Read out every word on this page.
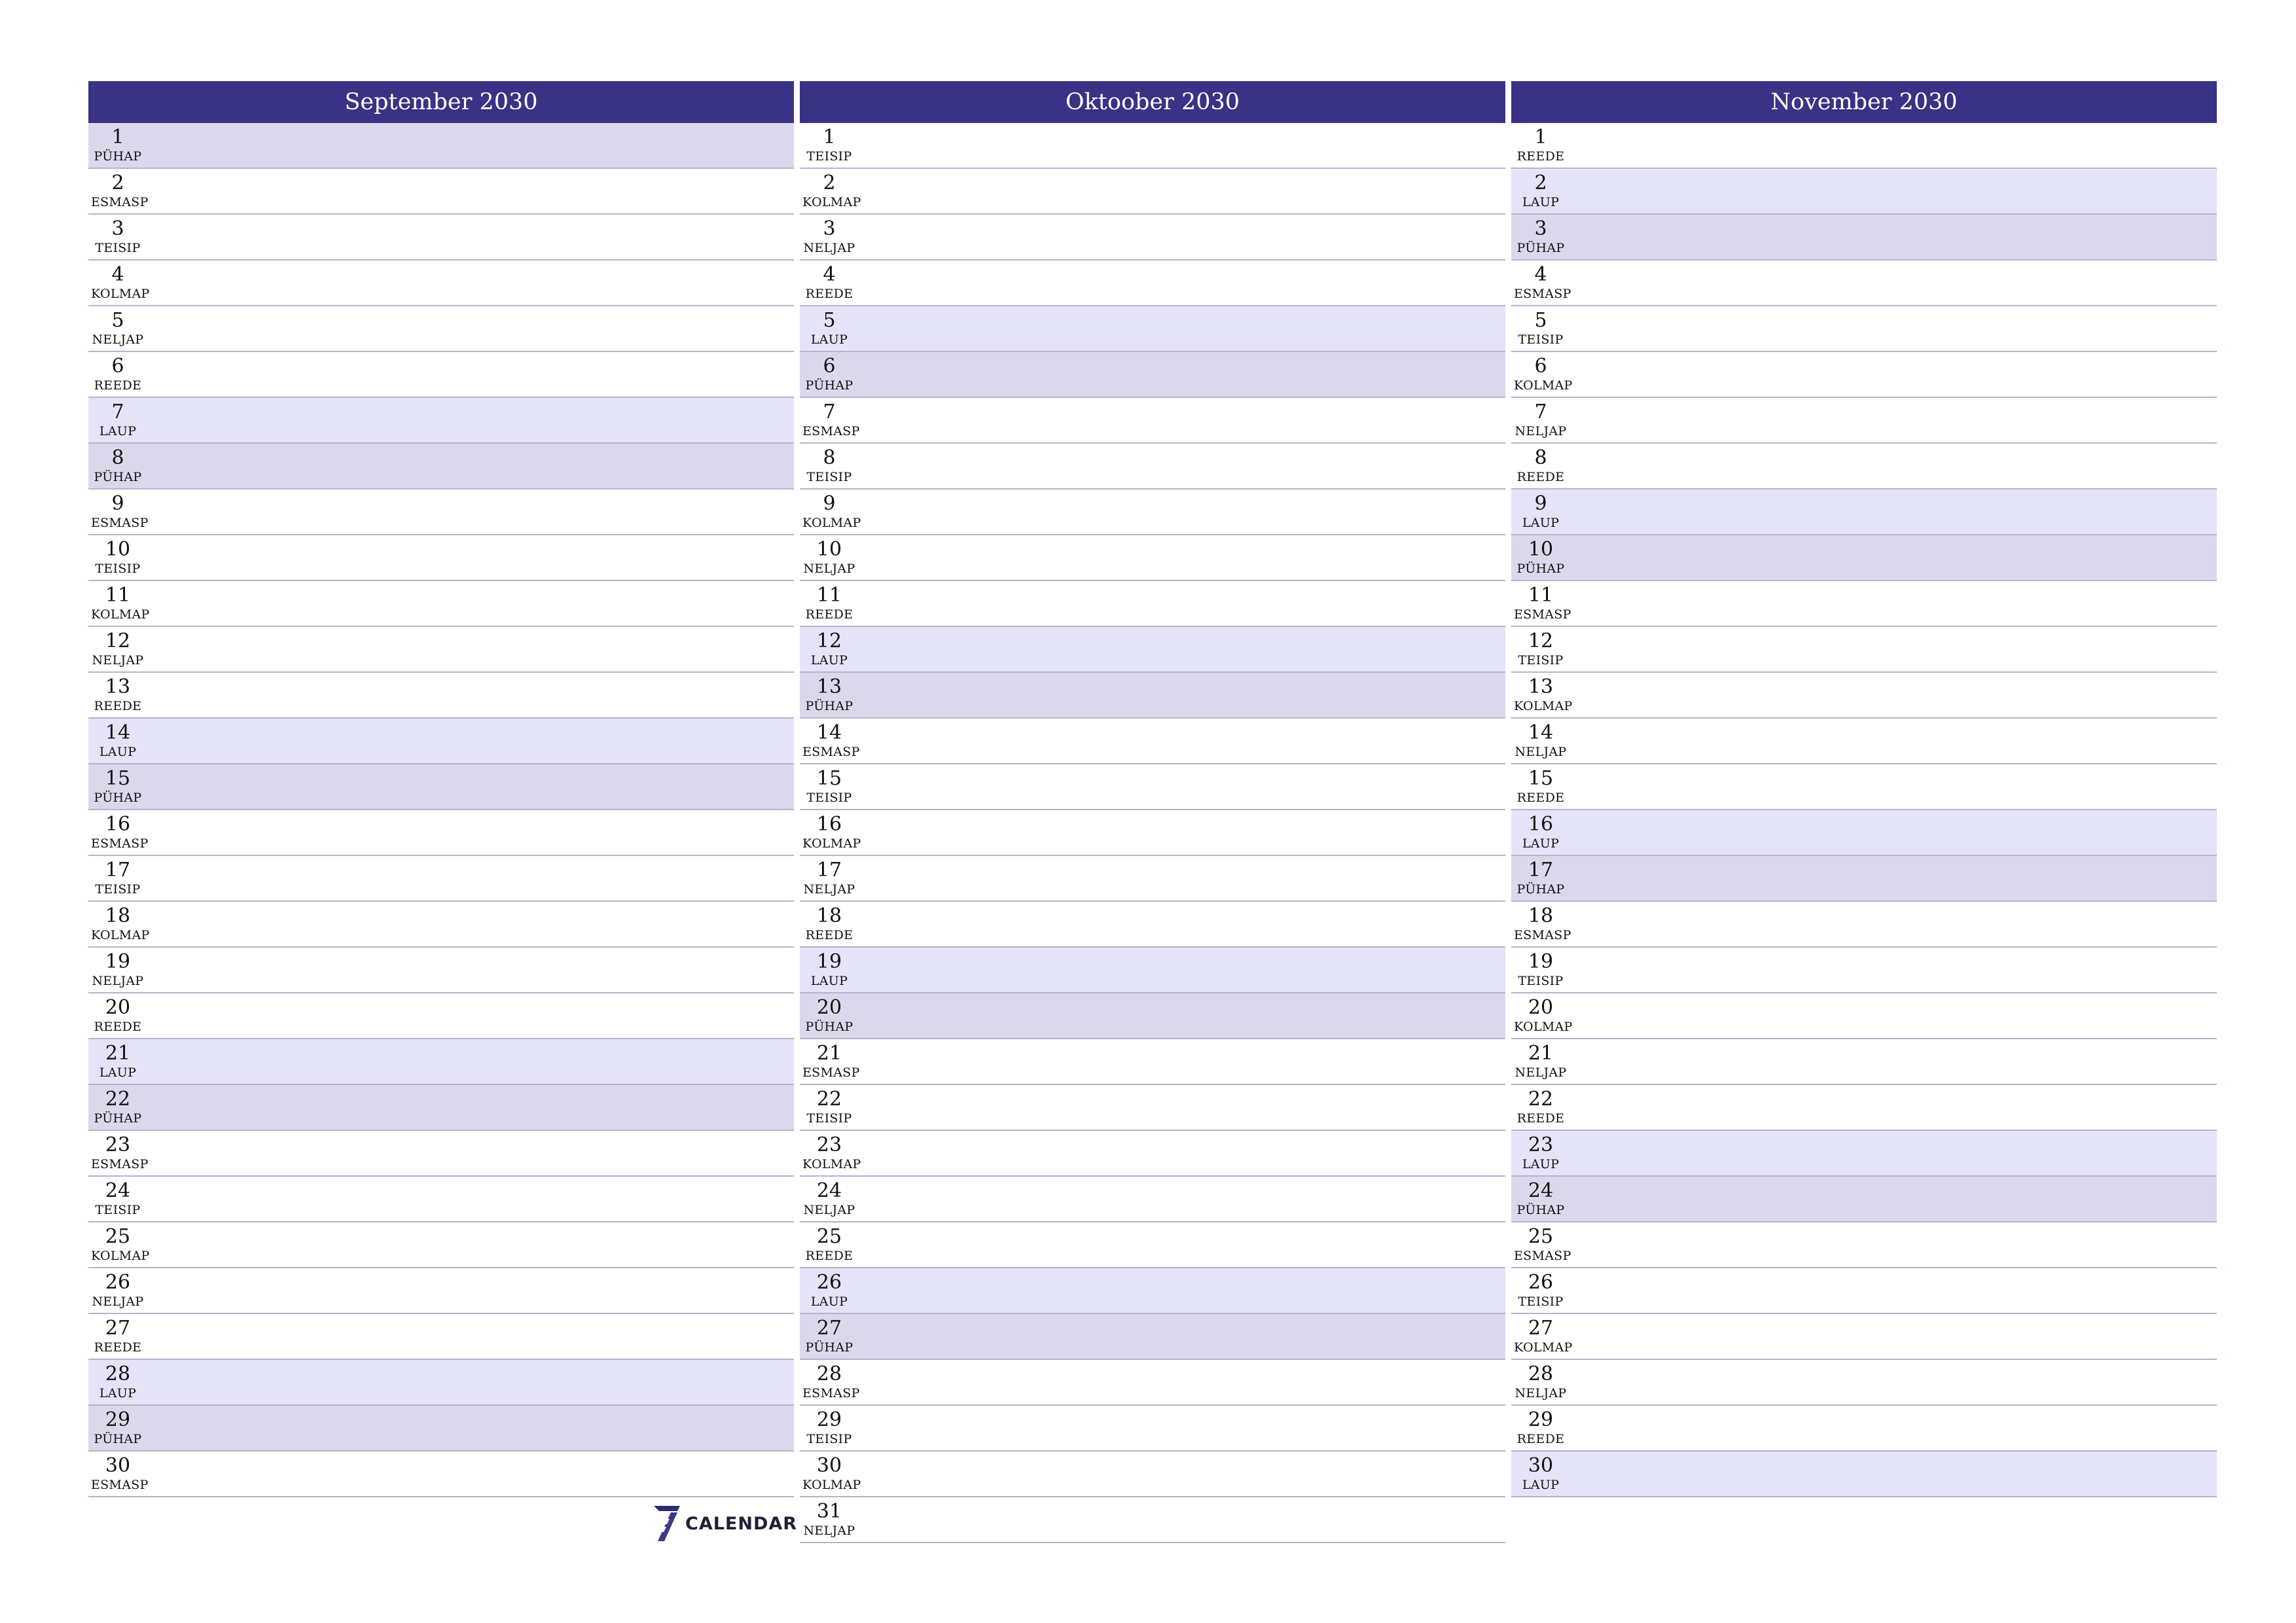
September 2030
1
PÜHAP
2
ESMASP
3
TEISIP
4
KOLMAP
5
NELJAP
6
REEDE
7
LAUP
8
PÜHAP
9
ESMASP
10
TEISIP
11
KOLMAP
12
NELJAP
13
REEDE
14
LAUP
15
PÜHAP
16
ESMASP
17
TEISIP
18
KOLMAP
19
NELJAP
20
REEDE
21
LAUP
22
PÜHAP
23
ESMASP
24
TEISIP
25
KOLMAP
26
NELJAP
27
REEDE
28
LAUP
29
PÜHAP
30
ESMASP
Oktoober 2030
1
TEISIP
2
KOLMAP
3
NELJAP
4
REEDE
5
LAUP
6
PÜHAP
7
ESMASP
8
TEISIP
9
KOLMAP
10
NELJAP
11
REEDE
12
LAUP
13
PÜHAP
14
ESMASP
15
TEISIP
16
KOLMAP
17
NELJAP
18
REEDE
19
LAUP
20
PÜHAP
21
ESMASP
22
TEISIP
23
KOLMAP
24
NELJAP
25
REEDE
26
LAUP
27
PÜHAP
28
ESMASP
29
TEISIP
30
KOLMAP
31
NELJAP
November 2030
1
REEDE
2
LAUP
3
PÜHAP
4
ESMASP
5
TEISIP
6
KOLMAP
7
NELJAP
8
REEDE
9
LAUP
10
PÜHAP
11
ESMASP
12
TEISIP
13
KOLMAP
14
NELJAP
15
REEDE
16
LAUP
17
PÜHAP
18
ESMASP
19
TEISIP
20
KOLMAP
21
NELJAP
22
REEDE
23
LAUP
24
PÜHAP
25
ESMASP
26
TEISIP
27
KOLMAP
28
NELJAP
29
REEDE
30
LAUP
CALENDAR
